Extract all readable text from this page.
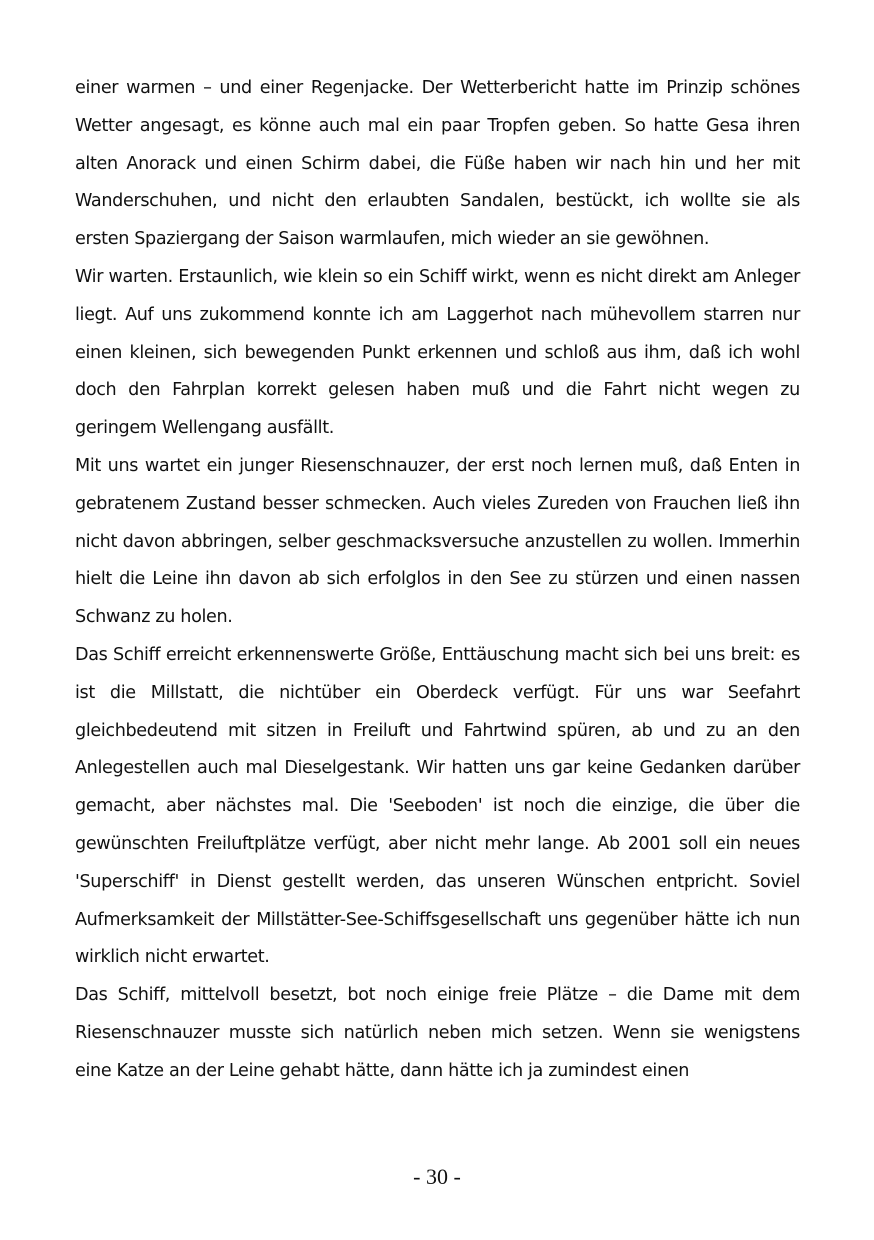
einer warmen – und einer Regenjacke. Der Wetterbericht hatte im Prinzip schönes Wetter angesagt, es könne auch mal ein paar Tropfen geben. So hatte Gesa ihren alten Anorack und einen Schirm dabei, die Füße haben wir nach hin und her mit Wanderschuhen, und nicht den erlaubten Sandalen, bestückt, ich wollte sie als ersten Spaziergang der Saison warmlaufen, mich wieder an sie gewöhnen.

Wir warten. Erstaunlich, wie klein so ein Schiff wirkt, wenn es nicht direkt am Anleger liegt. Auf uns zukommend konnte ich am Laggerhot nach mühevollem starren nur einen kleinen, sich bewegenden Punkt erkennen und schloß aus ihm, daß ich wohl doch den Fahrplan korrekt gelesen haben muß und die Fahrt nicht wegen zu geringem Wellengang ausfällt.

Mit uns wartet ein junger Riesenschnauzer, der erst noch lernen muß, daß Enten in gebratenem Zustand besser schmecken. Auch vieles Zureden von Frauchen ließ ihn nicht davon abbringen, selber geschmacksversuche anzustellen zu wollen. Immerhin hielt die Leine ihn davon ab sich erfolglos in den See zu stürzen und einen nassen Schwanz zu holen.

Das Schiff erreicht erkennenswerte Größe, Enttäuschung macht sich bei uns breit: es ist die Millstatt, die nichtüber ein Oberdeck verfügt. Für uns war Seefahrt gleichbedeutend mit sitzen in Freiluft und Fahrtwind spüren, ab und zu an den Anlegestellen auch mal Dieselgestank. Wir hatten uns gar keine Gedanken darüber gemacht, aber nächstes mal. Die 'Seeboden' ist noch die einzige, die über die gewünschten Freiluftplätze verfügt, aber nicht mehr lange. Ab 2001 soll ein neues 'Superschiff' in Dienst gestellt werden, das unseren Wünschen entpricht. Soviel Aufmerksamkeit der Millstätter-See-Schiffsgesellschaft uns gegenüber hätte ich nun wirklich nicht erwartet.

Das Schiff, mittelvoll besetzt, bot noch einige freie Plätze – die Dame mit dem Riesenschnauzer musste sich natürlich neben mich setzen. Wenn sie wenigstens eine Katze an der Leine gehabt hätte, dann hätte ich ja zumindest einen

- 30 -
